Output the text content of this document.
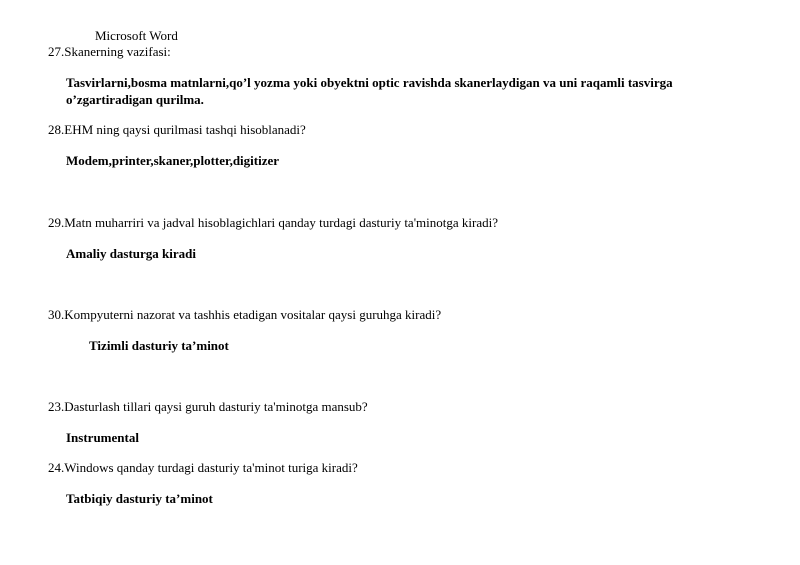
Microsoft Word
27.Skanerning vazifasi:
Tasvirlarni,bosma matnlarni,qo’l yozma yoki obyektni optic ravishda skanerlaydigan va uni raqamli tasvirga
o’zgartiradigan qurilma.
28.EHM ning qaysi qurilmasi tashqi hisoblanadi?
Modem,printer,skaner,plotter,digitizer
29.Matn muharriri va jadval hisoblagichlari qanday turdagi dasturiy ta'minotga kiradi?
Amaliy dasturga kiradi
30.Kompyuterni nazorat va tashhis etadigan vositalar qaysi guruhga kiradi?
Tizimli dasturiy ta’minot
23.Dasturlash tillari qaysi guruh dasturiy ta'minotga mansub?
Instrumental
24.Windows qanday turdagi dasturiy ta'minot turiga kiradi?
Tatbiqiy dasturiy ta’minot
